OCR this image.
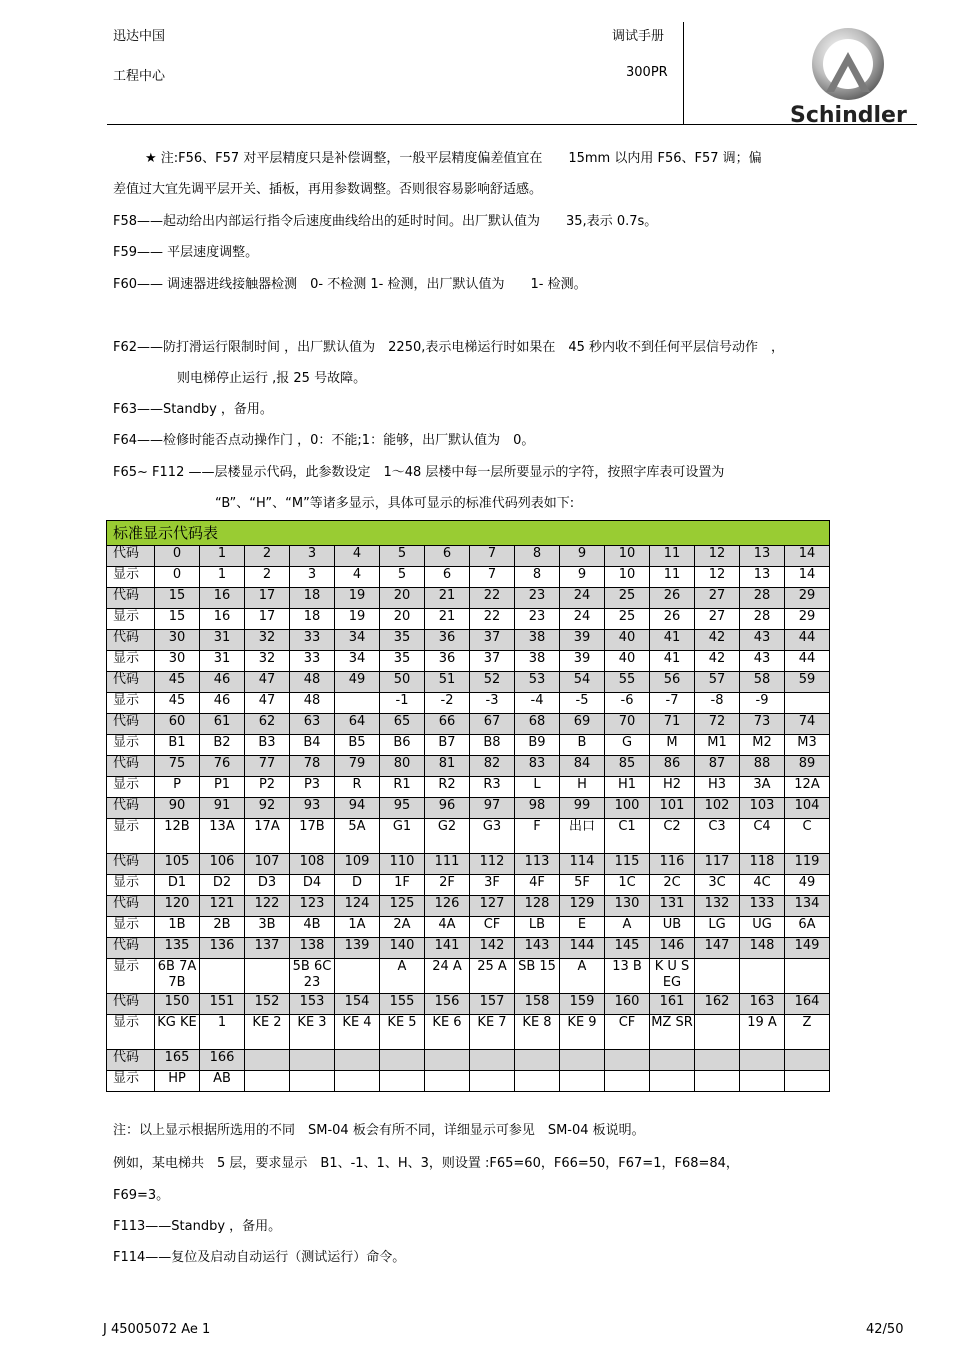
迅达中国
工程中心
调试手册
300PR
Schindler
★ 注:F56、F57 对平层精度只是补偿调整，一般平层精度偏差值宜在　　15mm 以内用 F56、F57 调；偏
差值过大宜先调平层开关、插板，再用参数调整。否则很容易影响舒适感。
F58——起动给出内部运行指令后速度曲线给出的延时时间。出厂默认值为　　35,表示 0.7s。
F59—— 平层速度调整。
F60—— 调速器进线接触器检测　0- 不检测 1- 检测，出厂默认值为　　1- 检测。
F62——防打滑运行限制时间 ，出厂默认值为　2250,表示电梯运行时如果在　45 秒内收不到任何平层信号动作　，
则电梯停止运行 ,报 25 号故障。
F63——Standby ，备用。
F64——检修时能否点动操作门 ，0：不能;1：能够，出厂默认值为　0。
F65~ F112 ——层楼显示代码，此参数设定　1～48 层楼中每一层所要显示的字符，按照字库表可设置为
“B”、“H”、“M”等诸多显示，具体可显示的标准代码列表如下:
标准显示代码表															
代码	0	1	2	3	4	5	6	7	8	9	10	11	12	13	14
显示	0	1	2	3	4	5	6	7	8	9	10	11	12	13	14
代码	15	16	17	18	19	20	21	22	23	24	25	26	27	28	29
显示	15	16	17	18	19	20	21	22	23	24	25	26	27	28	29
代码	30	31	32	33	34	35	36	37	38	39	40	41	42	43	44
显示	30	31	32	33	34	35	36	37	38	39	40	41	42	43	44
代码	45	46	47	48	49	50	51	52	53	54	55	56	57	58	59
显示	45	46	47	48		-1	-2	-3	-4	-5	-6	-7	-8	-9	
代码	60	61	62	63	64	65	66	67	68	69	70	71	72	73	74
显示	B1	B2	B3	B4	B5	B6	B7	B8	B9	B	G	M	M1	M2	M3
代码	75	76	77	78	79	80	81	82	83	84	85	86	87	88	89
显示	P	P1	P2	P3	R	R1	R2	R3	L	H	H1	H2	H3	3A	12A
代码	90	91	92	93	94	95	96	97	98	99	100	101	102	103	104
显示	12B	13A	17A	17B	5A	G1	G2	G3	F	出口	C1	C2	C3	C4	C
代码	105	106	107	108	109	110	111	112	113	114	115	116	117	118	119
显示	D1	D2	D3	D4	D	1F	2F	3F	4F	5F	1C	2C	3C	4C	49
代码	120	121	122	123	124	125	126	127	128	129	130	131	132	133	134
显示	1B	2B	3B	4B	1A	2A	4A	CF	LB	E	A	UB	LG	UG	6A
代码	135	136	137	138	139	140	141	142	143	144	145	146	147	148	149
显示	6B 7A 7B			5B 6C 23		A	24 A	25 A	SB 15	A	13 B	K U S EG			
代码	150	151	152	153	154	155	156	157	158	159	160	161	162	163	164
显示	KG KE	1	KE 2	KE 3	KE 4	KE 5	KE 6	KE 7	KE 8	KE 9	CF	MZ SR		19 A	Z
代码	165	166													
显示	HP	AB													
注：以上显示根据所选用的不同　SM-04 板会有所不同，详细显示可参见　SM-04 板说明。
例如，某电梯共　5 层，要求显示　B1、-1、1、H、3，则设置 :F65=60，F66=50，F67=1，F68=84，
F69=3。
F113——Standby ，备用。
F114——复位及启动自动运行（测试运行）命令。
J 45005072 Ae 1	42/50
